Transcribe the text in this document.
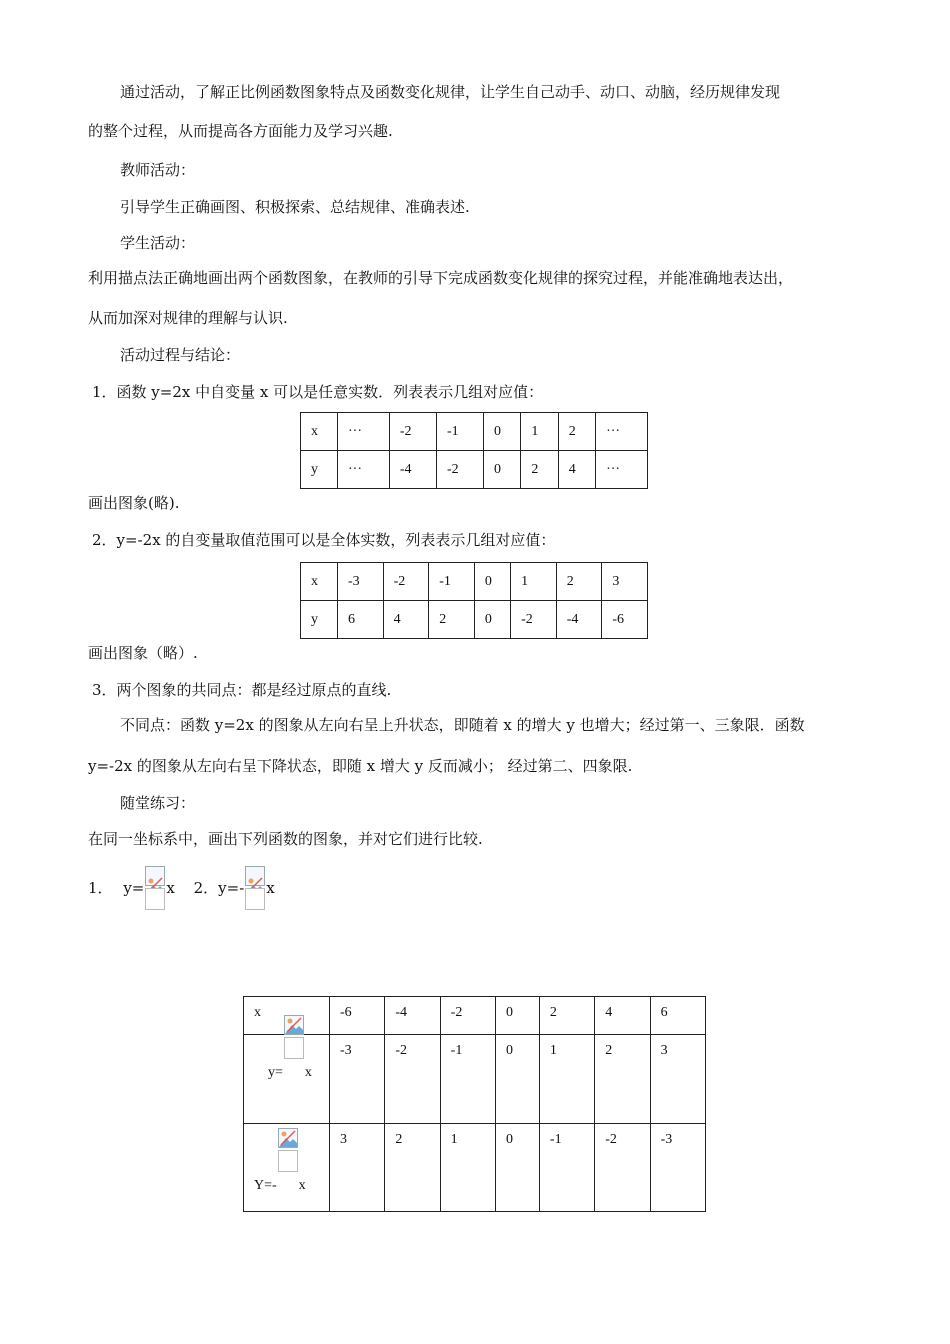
通过活动，了解正比例函数图象特点及函数变化规律，让学生自己动手、动口、动脑，经历规律发现
的整个过程，从而提高各方面能力及学习兴趣.
教师活动：
引导学生正确画图、积极探索、总结规律、准确表述.
学生活动：
利用描点法正确地画出两个函数图象，在教师的引导下完成函数变化规律的探究过程，并能准确地表达出，
从而加深对规律的理解与认识.
活动过程与结论：
1．函数 y=2x 中自变量 x 可以是任意实数．列表表示几组对应值：
x	···	-2	-1	0	1	2	···
y	···	-4	-2	0	2	4	···
画出图象(略).
2．y=-2x 的自变量取值范围可以是全体实数，列表表示几组对应值：
x	-3	-2	-1	0	1	2	3
y	6	4	2	0	-2	-4	-6
画出图象（略）.
3．两个图象的共同点：都是经过原点的直线.
不同点：函数 y=2x 的图象从左向右呈上升状态，即随着 x 的增大 y 也增大；经过第一、三象限．函数
y=-2x 的图象从左向右呈下降状态，即随 x 增大 y 反而减小； 经过第二、四象限.
随堂练习：
在同一坐标系中，画出下列函数的图象，并对它们进行比较.
1． y= x 2．y=- x
x	-6	-4	-2	0	2	4	6

y= x	-3	-2	-1	0	1	2	3

Y=- x	3	2	1	0	-1	-2	-3
